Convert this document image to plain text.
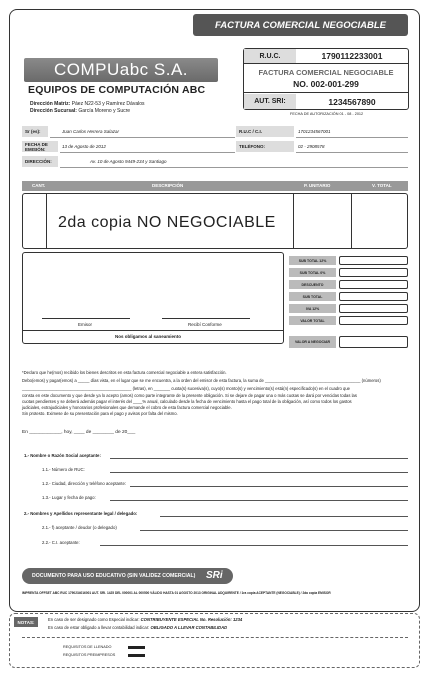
FACTURA COMERCIAL NEGOCIABLE
COMPUabc S.A.
EQUIPOS DE COMPUTACIÓN ABC
Dirección Matriz: Páez N22-53 y Ramírez Dávalos
Dirección Sucursal: García Moreno y Sucre
R.U.C.	1790112233001
FACTURA COMERCIAL NEGOCIABLE
NO. 002-001-299
AUT. SRI:	1234567890
FECHA DE AUTORIZACIÓN 01 - 08 - 2012
Sr (es):	Juan Carlos Herrera Salazar	R.U.C / C.I.	1701234567001
FECHA DE EMISIÓN:	13 de Agosto de 2012	TELÉFONO:	02 - 2908578
DIRECCIÓN:	Av. 10 de Agosto 9449-234 y Santiago
CANT.	DESCRIPCIÓN	P. UNITARIO	V. TOTAL
2da copia NO NEGOCIABLE
Emisor	Recibí Conforme
Nos obligamos al saneamiento
SUB TOTAL 12%
SUB TOTAL 0%
DESCUENTO
SUB TOTAL
IVA 12%
VALOR TOTAL
VALOR A NEGOCIAR
*Declaro que he(mos) recibido los bienes descritos en esta factura comercial negociable a entera satisfacción.
Debo(emos) y pagar(emos) a _____ días vista, en el lugar que se me encuentra, a la orden del emisor de esta factura, la suma de _________________________________________ (números)
_______________________________________________ (letras), en _______ cuota(s) sucesiva(s), cuyo(s) monto(s) y vencimiento(s) está(n) especificado(s) en el cuadro que
consta en este documento y que desde ya lo acepto (amos) como parte integrante de la presente obligación. Si se dejare de pagar una o más cuotas se dará por vencidas todas las
cuotas pendientes y se deberá además pagar el interés del ____% anual, calculado desde la fecha de vencimiento hasta el pago total de la obligación, así como todos los gastos
judiciales, extrajudiciales y honorarios profesionales que demande el cobro de esta factura comercial negociable.
Sin protesto. Eximese de su presentación para el pago y avisos por falta del mismo.
En ____________, hoy, ____ de ________ de 20___
1.- Nombre o Razón Social aceptante:
1.1.- Número de RUC:
1.2.- Ciudad, dirección y teléfono aceptante:
1.3.- Lugar y fecha de pago:
2.- Nombres y Apellidos representante legal / delegado:
2.1.- f) aceptante / deudor (o delegado)
2.2.- C.I. aceptante:
DOCUMENTO PARA USO EDUCATIVO (SIN VALIDEZ COMERCIAL)	SRi
IMPRENTA OFFSET ABC RUC 1790234016001 AUT. SRI. 1425 DEL 000001 AL 000500 VÁLIDO HASTA 01 AGOSTO 2013 ORIGINAL ADQUIRENTE / 1ra copia ACEPTANTE (NEGOCIABLE) / 2da copia EMISOR
NOTAS:	En caso de ser designado como Especial indicar: CONTRIBUYENTE ESPECIAL No. Resolución: 1234
En caso de estar obligado a llevar contabilidad indicar: OBLIGADO A LLEVAR CONTABILIDAD
REQUISITOS DE LLENADO
REQUISITOS PREIMPRESOS
